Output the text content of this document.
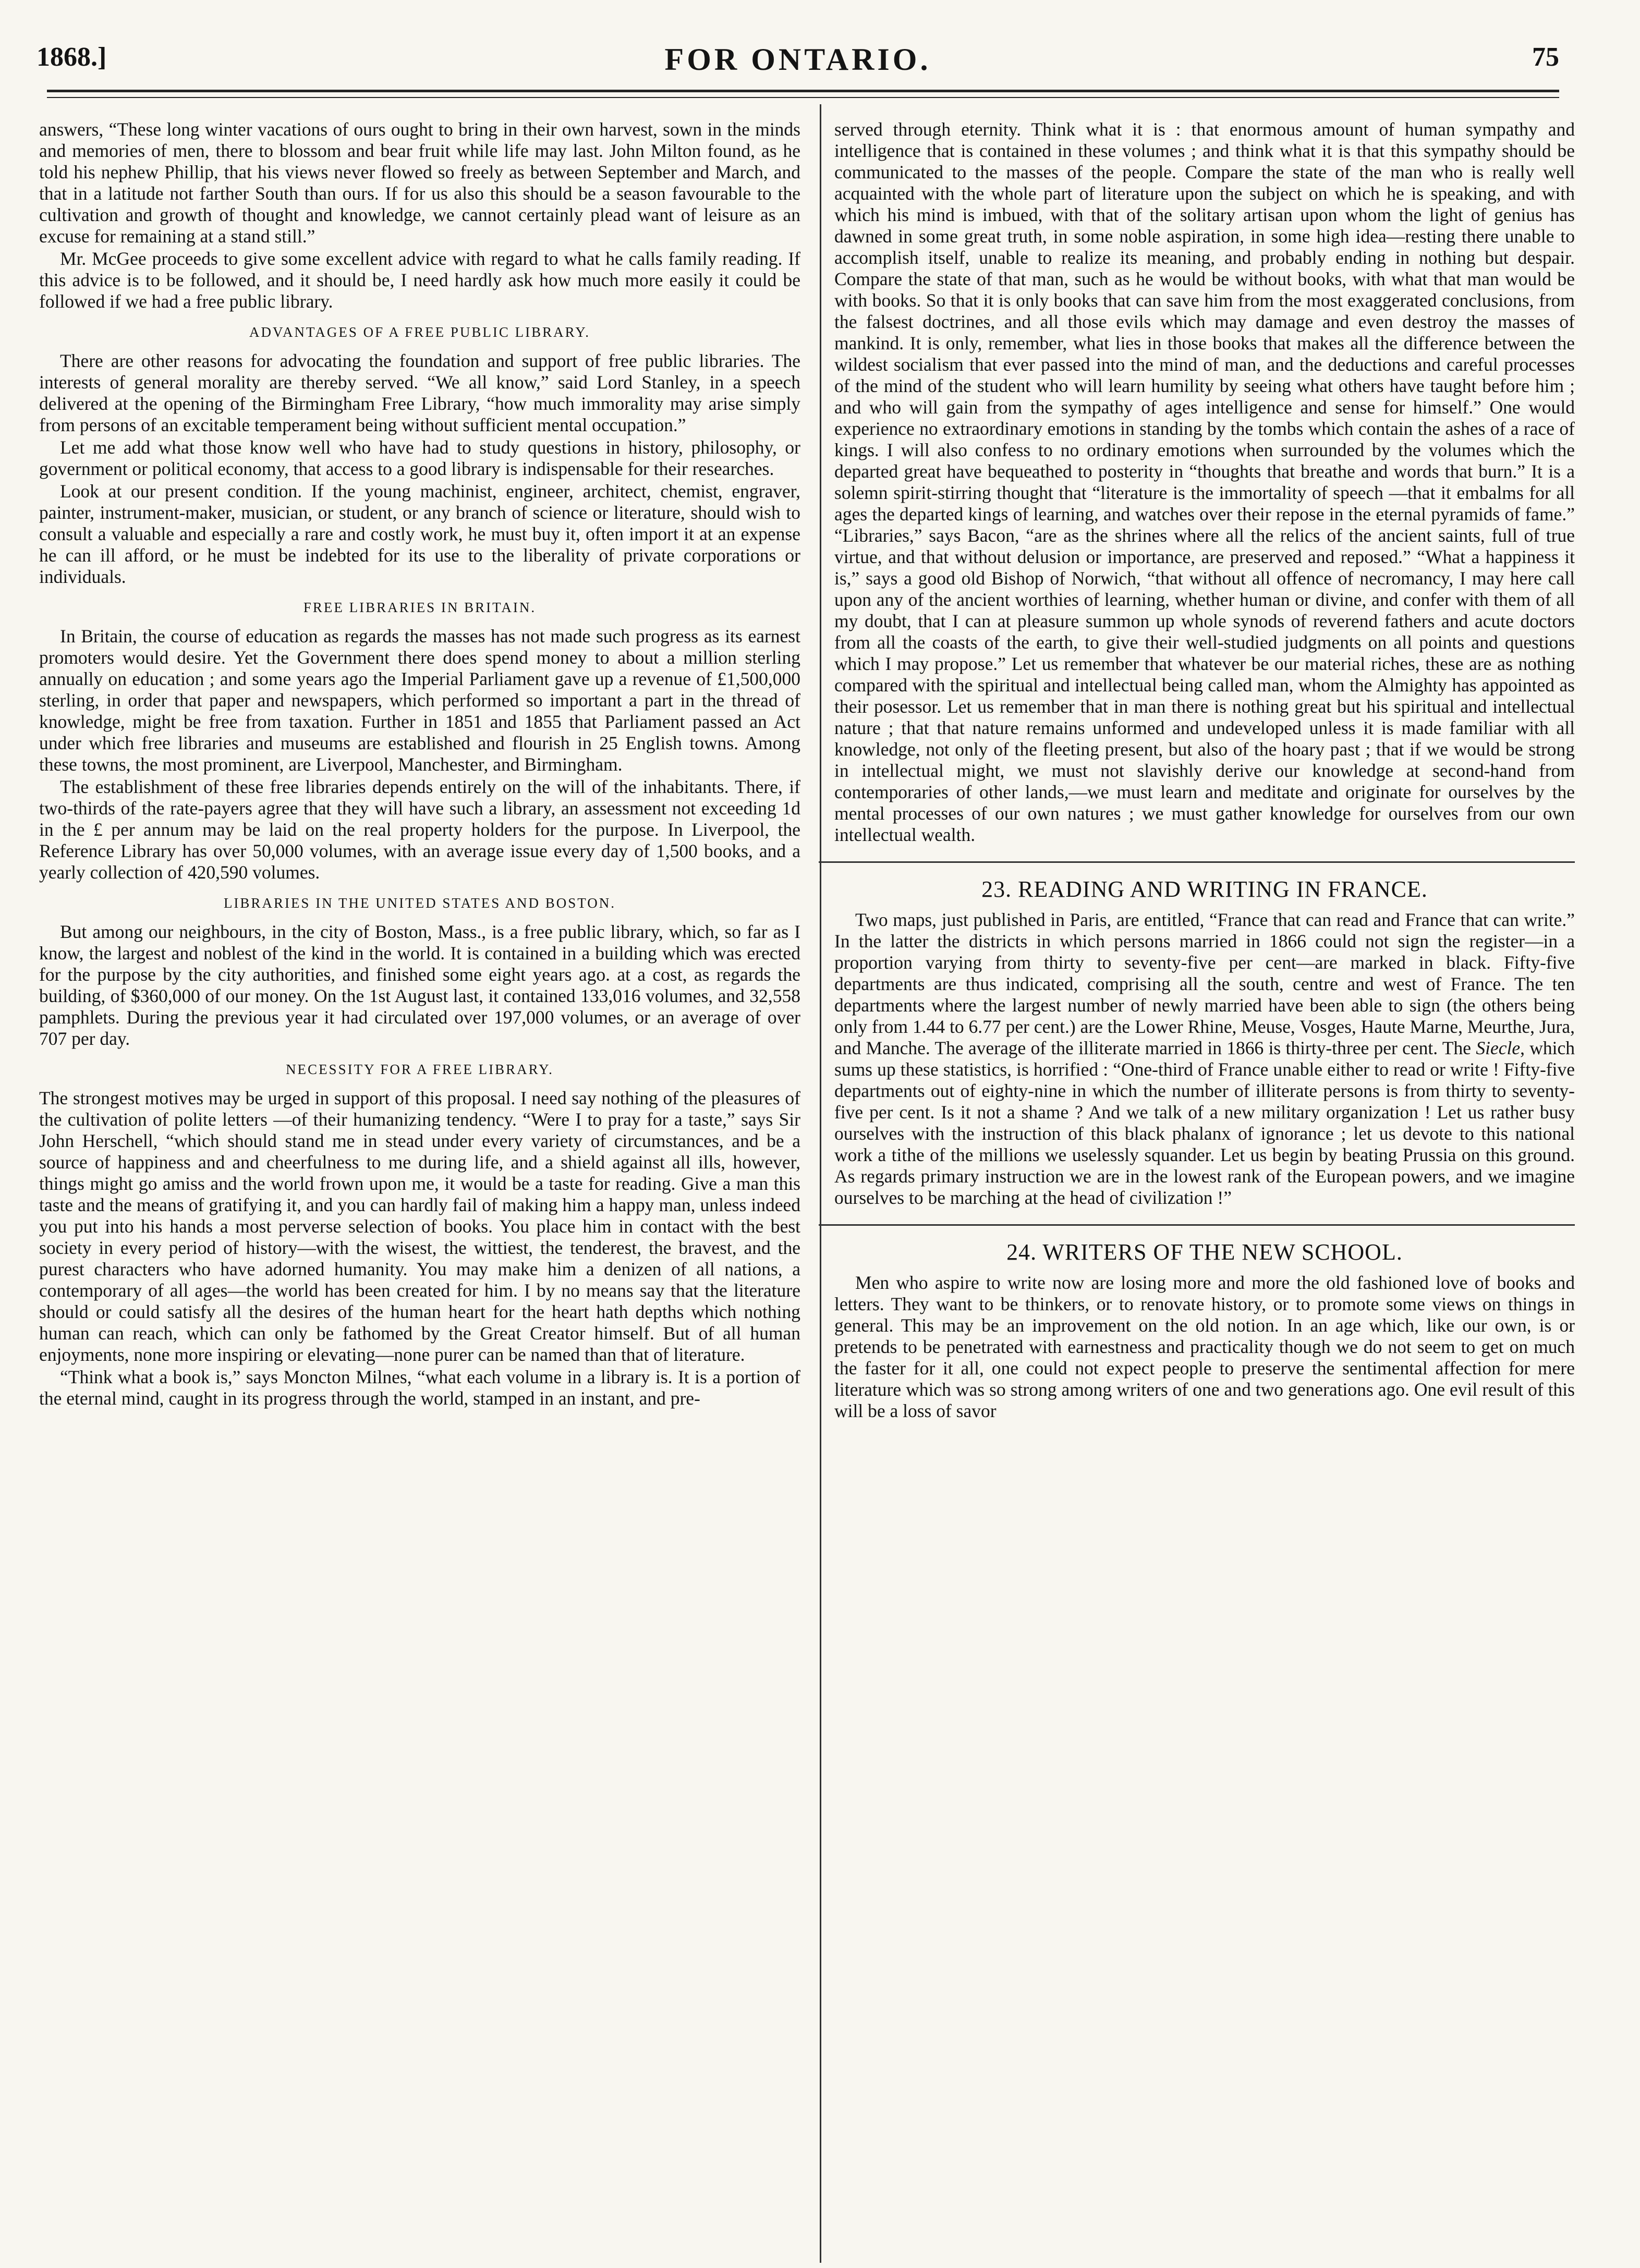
1868.]	FOR ONTARIO.	75

answers, “These long winter vacations of ours ought to bring in their own harvest, sown in the minds and memories of men, there to blossom and bear fruit while life may last. John Milton found, as he told his nephew Phillip, that his views never flowed so freely as between September and March, and that in a latitude not farther South than ours. If for us also this should be a season favourable to the cultivation and growth of thought and knowledge, we cannot certainly plead want of leisure as an excuse for remaining at a stand still.”

Mr. McGee proceeds to give some excellent advice with regard to what he calls family reading. If this advice is to be followed, and it should be, I need hardly ask how much more easily it could be followed if we had a free public library.

ADVANTAGES OF A FREE PUBLIC LIBRARY.

There are other reasons for advocating the foundation and support of free public libraries. The interests of general morality are thereby served. “We all know,” said Lord Stanley, in a speech delivered at the opening of the Birmingham Free Library, “how much immorality may arise simply from persons of an excitable temperament being without sufficient mental occupation.”

Let me add what those know well who have had to study questions in history, philosophy, or government or political economy, that access to a good library is indispensable for their researches.

Look at our present condition. If the young machinist, engineer, architect, chemist, engraver, painter, instrument-maker, musician, or student, or any branch of science or literature, should wish to consult a valuable and especially a rare and costly work, he must buy it, often import it at an expense he can ill afford, or he must be indebted for its use to the liberality of private corporations or individuals.

FREE LIBRARIES IN BRITAIN.

In Britain, the course of education as regards the masses has not made such progress as its earnest promoters would desire. Yet the Government there does spend money to about a million sterling annually on education ; and some years ago the Imperial Parliament gave up a revenue of £1,500,000 sterling, in order that paper and newspapers, which performed so important a part in the thread of knowledge, might be free from taxation. Further in 1851 and 1855 that Parliament passed an Act under which free libraries and museums are established and flourish in 25 English towns. Among these towns, the most prominent, are Liverpool, Manchester, and Birmingham.

The establishment of these free libraries depends entirely on the will of the inhabitants. There, if two-thirds of the rate-payers agree that they will have such a library, an assessment not exceeding 1d in the £ per annum may be laid on the real property holders for the purpose. In Liverpool, the Reference Library has over 50,000 volumes, with an average issue every day of 1,500 books, and a yearly collection of 420,590 volumes.

LIBRARIES IN THE UNITED STATES AND BOSTON.

But among our neighbours, in the city of Boston, Mass., is a free public library, which, so far as I know, the largest and noblest of the kind in the world. It is contained in a building which was erected for the purpose by the city authorities, and finished some eight years ago. at a cost, as regards the building, of $360,000 of our money. On the 1st August last, it contained 133,016 volumes, and 32,558 pamphlets. During the previous year it had circulated over 197,000 volumes, or an average of over 707 per day.

NECESSITY FOR A FREE LIBRARY.

The strongest motives may be urged in support of this proposal. I need say nothing of the pleasures of the cultivation of polite letters —of their humanizing tendency. “Were I to pray for a taste,” says Sir John Herschell, “which should stand me in stead under every variety of circumstances, and be a source of happiness and and cheerfulness to me during life, and a shield against all ills, however, things might go amiss and the world frown upon me, it would be a taste for reading. Give a man this taste and the means of gratifying it, and you can hardly fail of making him a happy man, unless indeed you put into his hands a most perverse selection of books. You place him in contact with the best society in every period of history—with the wisest, the wittiest, the tenderest, the bravest, and the purest characters who have adorned humanity. You may make him a denizen of all nations, a contemporary of all ages—the world has been created for him. I by no means say that the literature should or could satisfy all the desires of the human heart for the heart hath depths which nothing human can reach, which can only be fathomed by the Great Creator himself. But of all human enjoyments, none more inspiring or elevating—none purer can be named than that of literature.

“Think what a book is,” says Moncton Milnes, “what each volume in a library is. It is a portion of the eternal mind, caught in its progress through the world, stamped in an instant, and pre-

served through eternity. Think what it is : that enormous amount of human sympathy and intelligence that is contained in these volumes ; and think what it is that this sympathy should be communicated to the masses of the people. Compare the state of the man who is really well acquainted with the whole part of literature upon the subject on which he is speaking, and with which his mind is imbued, with that of the solitary artisan upon whom the light of genius has dawned in some great truth, in some noble aspiration, in some high idea—resting there unable to accomplish itself, unable to realize its meaning, and probably ending in nothing but despair. Compare the state of that man, such as he would be without books, with what that man would be with books. So that it is only books that can save him from the most exaggerated conclusions, from the falsest doctrines, and all those evils which may damage and even destroy the masses of mankind. It is only, remember, what lies in those books that makes all the difference between the wildest socialism that ever passed into the mind of man, and the deductions and careful processes of the mind of the student who will learn humility by seeing what others have taught before him ; and who will gain from the sympathy of ages intelligence and sense for himself.” One would experience no extraordinary emotions in standing by the tombs which contain the ashes of a race of kings. I will also confess to no ordinary emotions when surrounded by the volumes which the departed great have bequeathed to posterity in “thoughts that breathe and words that burn.” It is a solemn spirit-stirring thought that “literature is the immortality of speech —that it embalms for all ages the departed kings of learning, and watches over their repose in the eternal pyramids of fame.” “Libraries,” says Bacon, “are as the shrines where all the relics of the ancient saints, full of true virtue, and that without delusion or importance, are preserved and reposed.” “What a happiness it is,” says a good old Bishop of Norwich, “that without all offence of necromancy, I may here call upon any of the ancient worthies of learning, whether human or divine, and confer with them of all my doubt, that I can at pleasure summon up whole synods of reverend fathers and acute doctors from all the coasts of the earth, to give their well-studied judgments on all points and questions which I may propose.” Let us remember that whatever be our material riches, these are as nothing compared with the spiritual and intellectual being called man, whom the Almighty has appointed as their posessor. Let us remember that in man there is nothing great but his spiritual and intellectual nature ; that that nature remains unformed and undeveloped unless it is made familiar with all knowledge, not only of the fleeting present, but also of the hoary past ; that if we would be strong in intellectual might, we must not slavishly derive our knowledge at second-hand from contemporaries of other lands,—we must learn and meditate and originate for ourselves by the mental processes of our own natures ; we must gather knowledge for ourselves from our own intellectual wealth.

23. READING AND WRITING IN FRANCE.

Two maps, just published in Paris, are entitled, “France that can read and France that can write.” In the latter the districts in which persons married in 1866 could not sign the register—in a proportion varying from thirty to seventy-five per cent—are marked in black. Fifty-five departments are thus indicated, comprising all the south, centre and west of France. The ten departments where the largest number of newly married have been able to sign (the others being only from 1.44 to 6.77 per cent.) are the Lower Rhine, Meuse, Vosges, Haute Marne, Meurthe, Jura, and Manche. The average of the illiterate married in 1866 is thirty-three per cent. The Siecle, which sums up these statistics, is horrified : “One-third of France unable either to read or write ! Fifty-five departments out of eighty-nine in which the number of illiterate persons is from thirty to seventy-five per cent. Is it not a shame ? And we talk of a new military organization ! Let us rather busy ourselves with the instruction of this black phalanx of ignorance ; let us devote to this national work a tithe of the millions we uselessly squander. Let us begin by beating Prussia on this ground. As regards primary instruction we are in the lowest rank of the European powers, and we imagine ourselves to be marching at the head of civilization !”

24. WRITERS OF THE NEW SCHOOL.

Men who aspire to write now are losing more and more the old fashioned love of books and letters. They want to be thinkers, or to renovate history, or to promote some views on things in general. This may be an improvement on the old notion. In an age which, like our own, is or pretends to be penetrated with earnestness and practicality though we do not seem to get on much the faster for it all, one could not expect people to preserve the sentimental affection for mere literature which was so strong among writers of one and two generations ago. One evil result of this will be a loss of savor
